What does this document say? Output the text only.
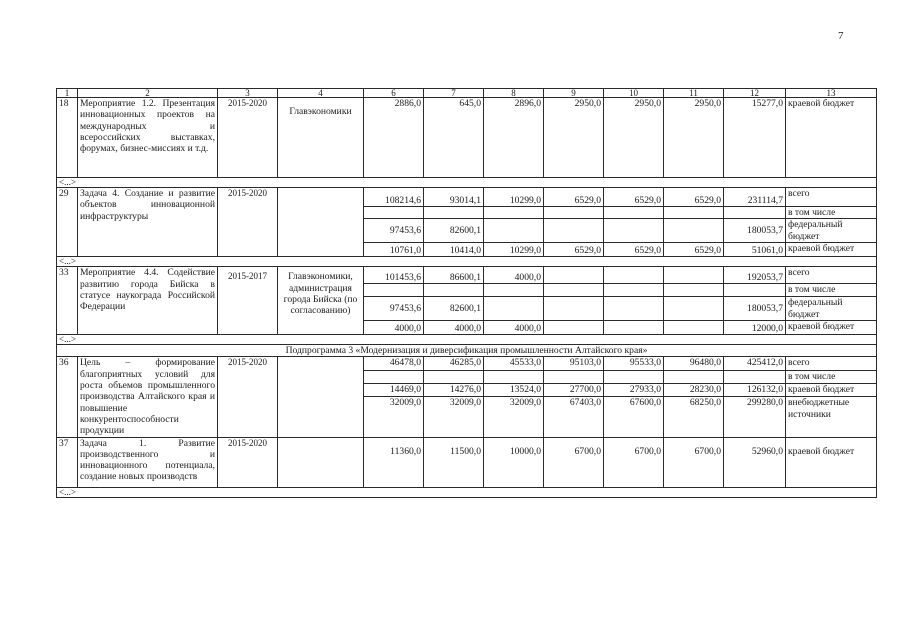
7
1	2	3	4	6	7	8	9	10	11	12	13
18	Мероприятие 1.2. Презентация инновационных проектов на международных и всероссийских выставках, форумах, бизнес-миссиях и т.д.	2015-2020	Главэкономики	2886,0	645,0	2896,0	2950,0	2950,0	2950,0	15277,0	краевой бюджет
<...>											
29	Задача 4. Создание и развитие объектов инновационной инфраструктуры	2015-2020		108214,6	93014,1	10299,0	6529,0	6529,0	6529,0	231114,7	всего
											в том числе
				97453,6	82600,1					180053,7	федеральный бюджет
				10761,0	10414,0	10299,0	6529,0	6529,0	6529,0	51061,0	краевой бюджет
<...>											
33	Мероприятие 4.4. Содействие развитию города Бийска в статусе наукограда Российской Федерации	2015-2017	Главэкономики, администрация города Бийска (по согласованию)	101453,6	86600,1	4000,0				192053,7	всего
											в том числе
				97453,6	82600,1					180053,7	федеральный бюджет
				4000,0	4000,0	4000,0				12000,0	краевой бюджет
<...>											
Подпрограмма 3 «Модернизация и диверсификация промышленности Алтайского края»											
36	Цель – формирование благоприятных условий для роста объемов промышленного производства Алтайского края и повышение конкурентоспособности продукции	2015-2020		46478,0	46285,0	45533,0	95103,0	95533,0	96480,0	425412,0	всего
											в том числе
				14469,0	14276,0	13524,0	27700,0	27933,0	28230,0	126132,0	краевой бюджет
				32009,0	32009,0	32009,0	67403,0	67600,0	68250,0	299280,0	внебюджетные источники
37	Задача 1. Развитие производственного и инновационного потенциала, создание новых производств	2015-2020		11360,0	11500,0	10000,0	6700,0	6700,0	6700,0	52960,0	краевой бюджет
<...>											
